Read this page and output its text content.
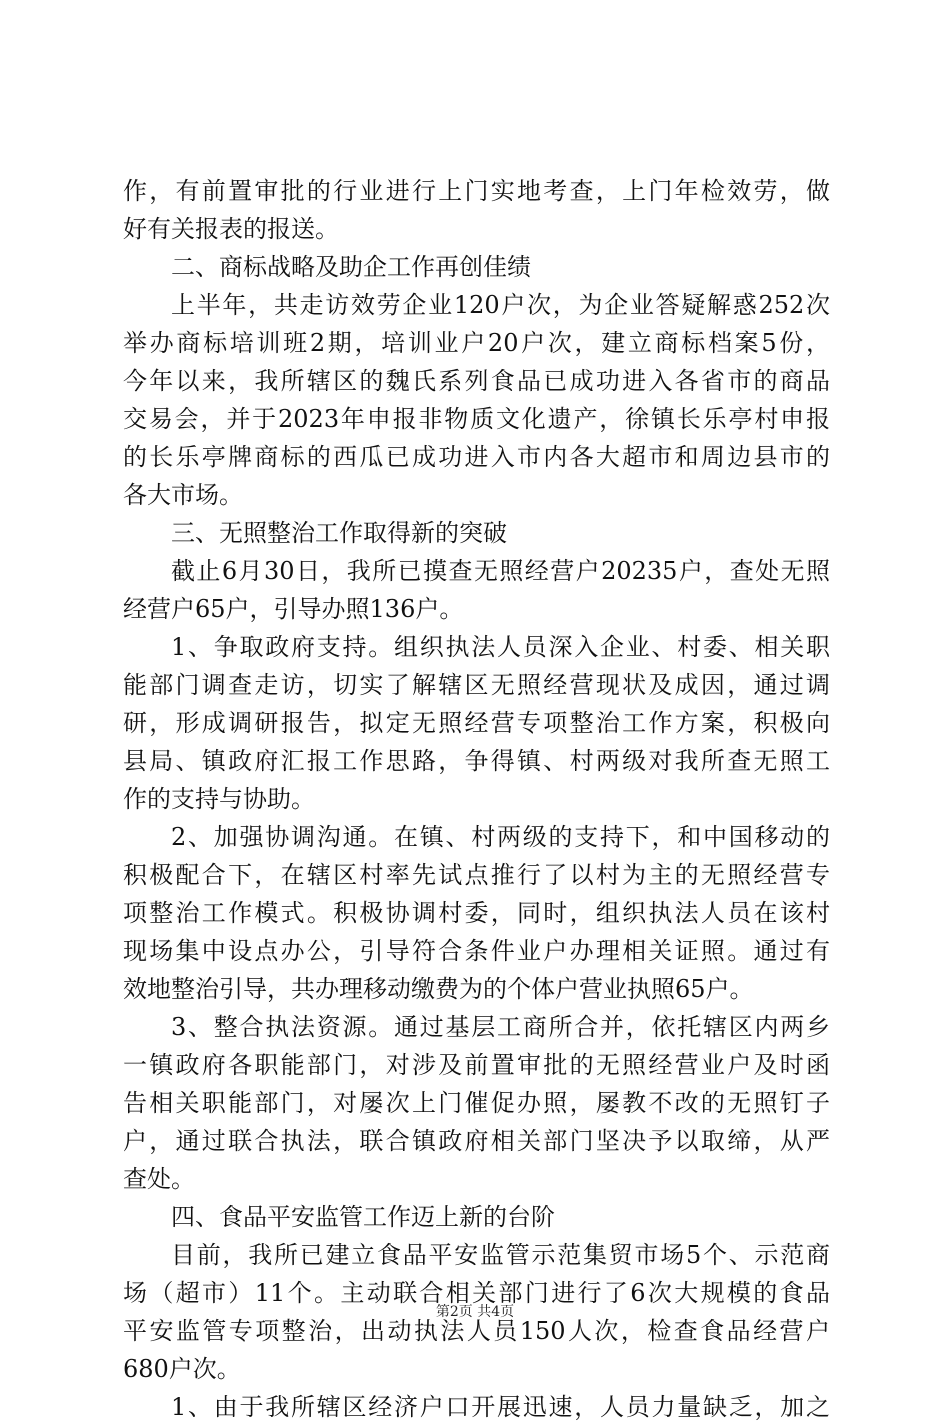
作，有前置审批的行业进行上门实地考查，上门年检效劳，做
好有关报表的报送。
二、商标战略及助企工作再创佳绩
上半年，共走访效劳企业120户次，为企业答疑解惑252次
举办商标培训班2期，培训业户20户次，建立商标档案5份，
今年以来，我所辖区的魏氏系列食品已成功进入各省市的商品
交易会，并于2023年申报非物质文化遗产，徐镇长乐亭村申报
的长乐亭牌商标的西瓜已成功进入市内各大超市和周边县市的
各大市场。
三、无照整治工作取得新的突破
截止6月30日，我所已摸查无照经营户20235户，查处无照
经营户65户，引导办照136户。
1、争取政府支持。组织执法人员深入企业、村委、相关职
能部门调查走访，切实了解辖区无照经营现状及成因，通过调
研，形成调研报告，拟定无照经营专项整治工作方案，积极向
县局、镇政府汇报工作思路，争得镇、村两级对我所查无照工
作的支持与协助。
2、加强协调沟通。在镇、村两级的支持下，和中国移动的
积极配合下，在辖区村率先试点推行了以村为主的无照经营专
项整治工作模式。积极协调村委，同时，组织执法人员在该村
现场集中设点办公，引导符合条件业户办理相关证照。通过有
效地整治引导，共办理移动缴费为的个体户营业执照65户。
3、整合执法资源。通过基层工商所合并，依托辖区内两乡
一镇政府各职能部门，对涉及前置审批的无照经营业户及时函
告相关职能部门，对屡次上门催促办照，屡教不改的无照钉子
户，通过联合执法，联合镇政府相关部门坚决予以取缔，从严
查处。
四、食品平安监管工作迈上新的台阶
目前，我所已建立食品平安监管示范集贸市场5个、示范商
场（超市）11个。主动联合相关部门进行了6次大规模的食品
平安监管专项整治，出动执法人员150人次，检查食品经营户
680户次。
1、由于我所辖区经济户口开展迅速，人员力量缺乏，加之
第2页 共4页
